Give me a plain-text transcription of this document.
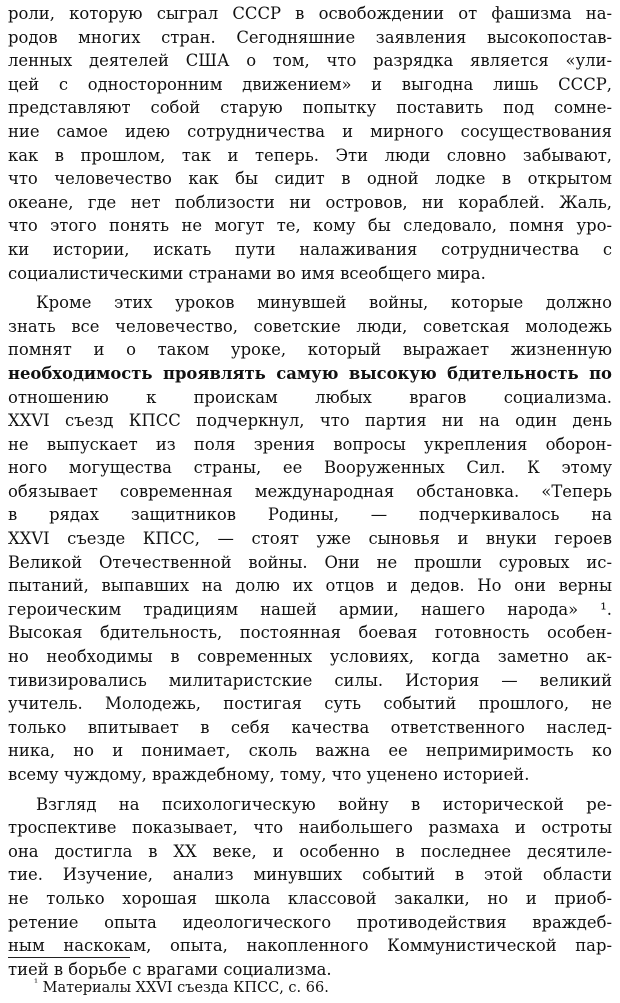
роли, которую сыграл СССР в освобождении от фашизма на-
родов многих стран. Сегодняшние заявления высокопостав-
ленных деятелей США о том, что разрядка является «ули-
цей с односторонним движением» и выгодна лишь СССР,
представляют собой старую попытку поставить под сомне-
ние самое идею сотрудничества и мирного сосуществования
как в прошлом, так и теперь. Эти люди словно забывают,
что человечество как бы сидит в одной лодке в открытом
океане, где нет поблизости ни островов, ни кораблей. Жаль,
что этого понять не могут те, кому бы следовало, помня уро-
ки истории, искать пути налаживания сотрудничества с
социалистическими странами во имя всеобщего мира.
Кроме этих уроков минувшей войны, которые должно
знать все человечество, советские люди, советская молодежь
помнят и о таком уроке, который выражает жизненную
необходимость проявлять самую высокую бдительность по
отношению к проискам любых врагов социализма.
XXVI съезд КПСС подчеркнул, что партия ни на один день
не выпускает из поля зрения вопросы укрепления оборон-
ного могущества страны, ее Вооруженных Сил. К этому
обязывает современная международная обстановка. «Теперь
в рядах защитников Родины, — подчеркивалось на
XXVI съезде КПСС, — стоят уже сыновья и внуки героев
Великой Отечественной войны. Они не прошли суровых ис-
пытаний, выпавших на долю их отцов и дедов. Но они верны
героическим традициям нашей армии, нашего народа» ¹.
Высокая бдительность, постоянная боевая готовность особен-
но необходимы в современных условиях, когда заметно ак-
тивизировались милитаристские силы. История — великий
учитель. Молодежь, постигая суть событий прошлого, не
только впитывает в себя качества ответственного наслед-
ника, но и понимает, сколь важна ее непримиримость ко
всему чуждому, враждебному, тому, что уценено историей.
Взгляд на психологическую войну в исторической ре-
троспективе показывает, что наибольшего размаха и остроты
она достигла в XX веке, и особенно в последнее десятиле-
тие. Изучение, анализ минувших событий в этой области
не только хорошая школа классовой закалки, но и приоб-
ретение опыта идеологического противодействия враждеб-
ным наскокам, опыта, накопленного Коммунистической пар-
тией в борьбе с врагами социализма.
$^{^1}$ Материалы XXVI съезда КПСС, с. 66.
